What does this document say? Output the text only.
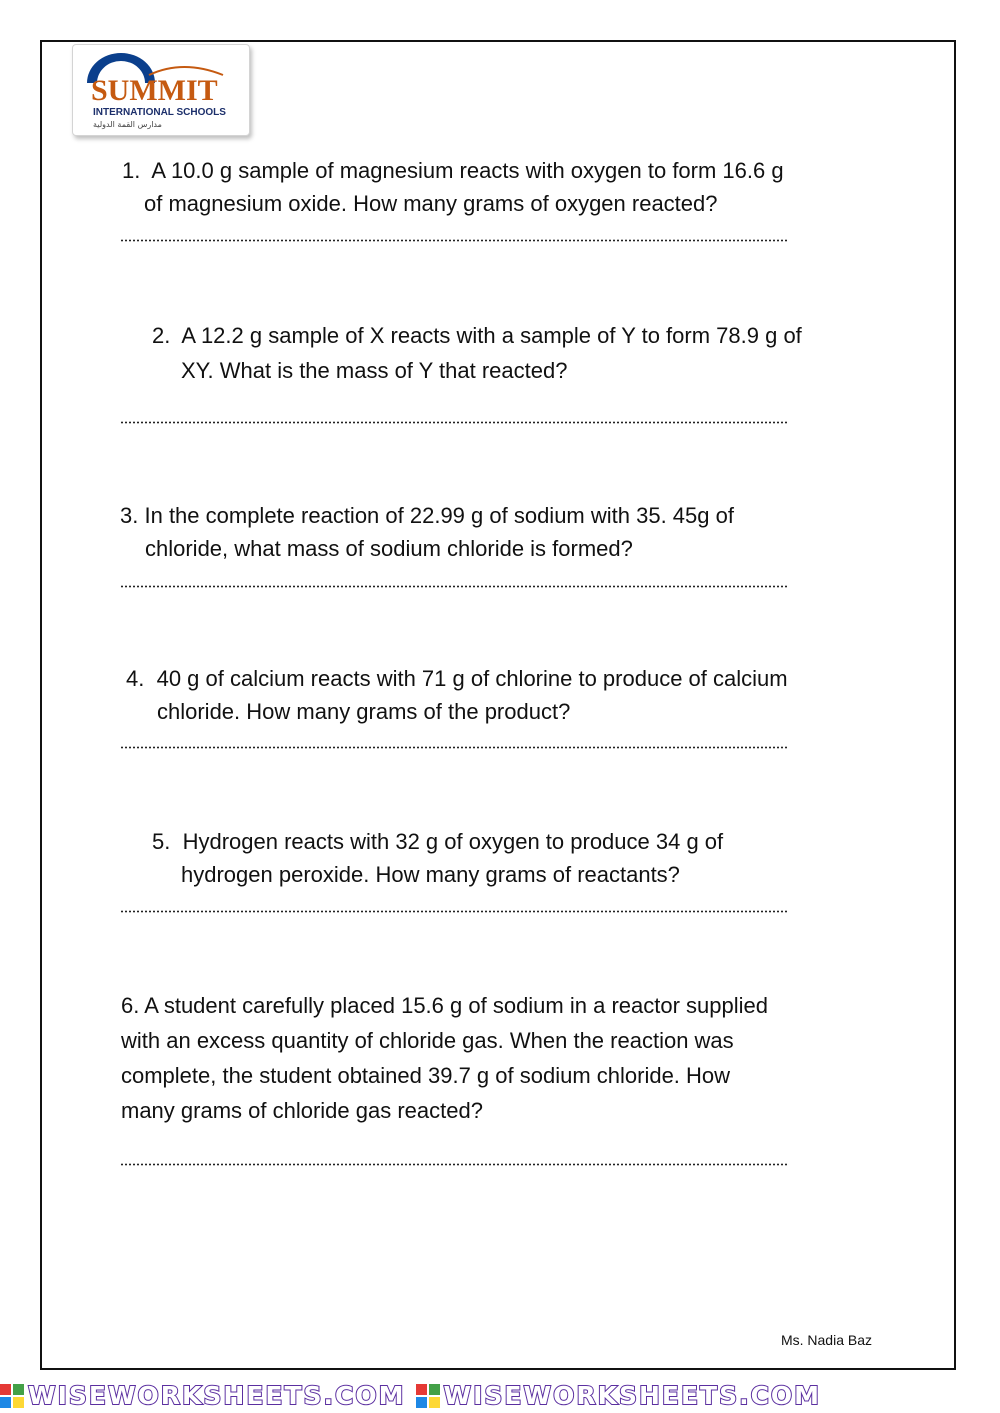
SUMMIT
INTERNATIONAL SCHOOLS
مدارس القمة الدولية
1. A 10.0 g sample of magnesium reacts with oxygen to form 16.6 g
of magnesium oxide. How many grams of oxygen reacted?
2. A 12.2 g sample of X reacts with a sample of Y to form 78.9 g of
XY. What is the mass of Y that reacted?
3. In the complete reaction of 22.99 g of sodium with 35. 45g of
chloride, what mass of sodium chloride is formed?
4. 40 g of calcium reacts with 71 g of chlorine to produce of calcium
chloride. How many grams of the product?
5. Hydrogen reacts with 32 g of oxygen to produce 34 g of
hydrogen peroxide. How many grams of reactants?
6. A student carefully placed 15.6 g of sodium in a reactor supplied
with an excess quantity of chloride gas. When the reaction was
complete, the student obtained 39.7 g of sodium chloride. How
many grams of chloride gas reacted?
Ms. Nadia Baz
WISEWORKSHEETS.COM WISEWORKSHEETS.COM
